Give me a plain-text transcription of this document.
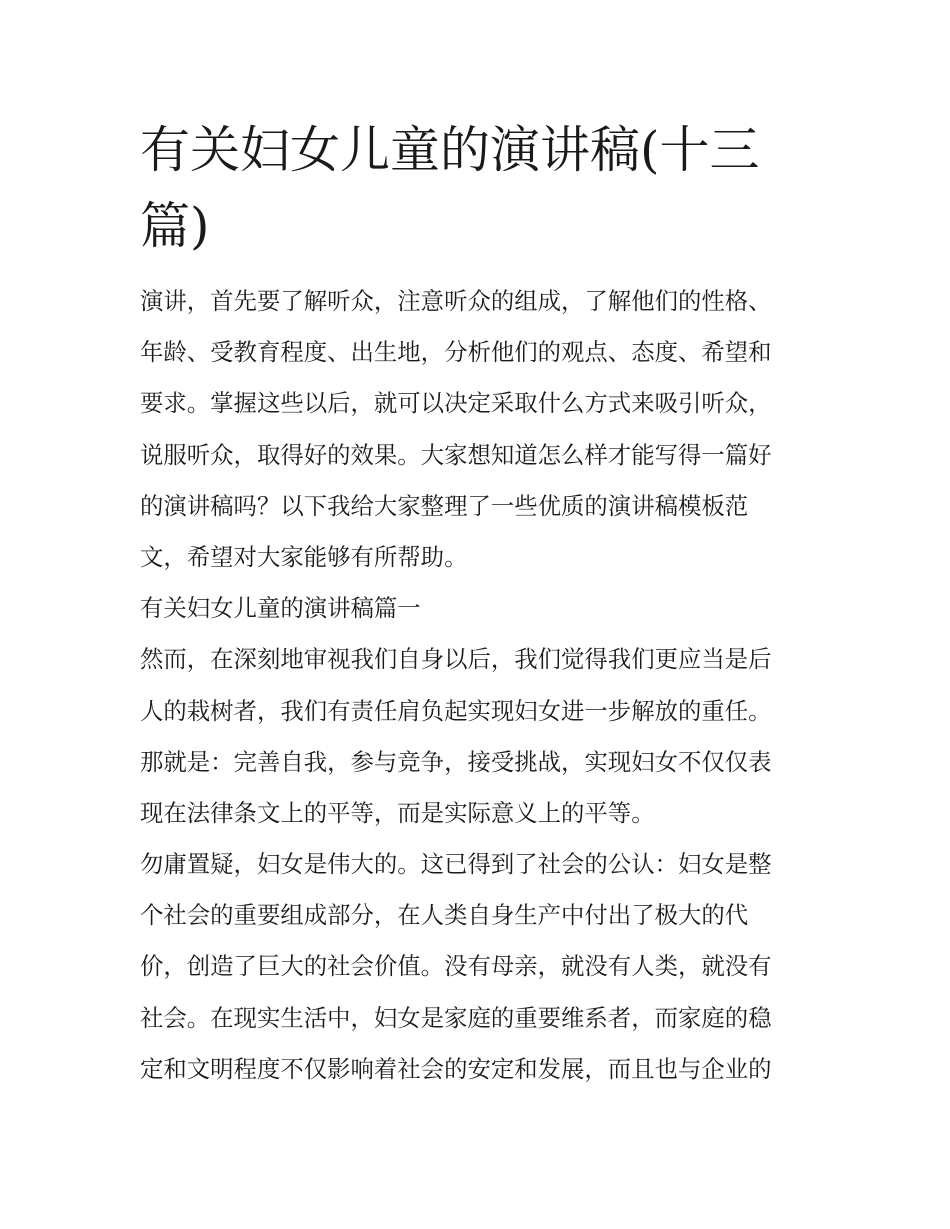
有关妇女儿童的演讲稿(十三
篇)

演讲，首先要了解听众，注意听众的组成，了解他们的性格、

年龄、受教育程度、出生地，分析他们的观点、态度、希望和

要求。掌握这些以后，就可以决定采取什么方式来吸引听众，

说服听众，取得好的效果。大家想知道怎么样才能写得一篇好

的演讲稿吗？以下我给大家整理了一些优质的演讲稿模板范

文，希望对大家能够有所帮助。

有关妇女儿童的演讲稿篇一

然而，在深刻地审视我们自身以后，我们觉得我们更应当是后

人的栽树者，我们有责任肩负起实现妇女进一步解放的重任。

那就是：完善自我，参与竞争，接受挑战，实现妇女不仅仅表

现在法律条文上的平等，而是实际意义上的平等。

勿庸置疑，妇女是伟大的。这已得到了社会的公认：妇女是整

个社会的重要组成部分，在人类自身生产中付出了极大的代

价，创造了巨大的社会价值。没有母亲，就没有人类，就没有

社会。在现实生活中，妇女是家庭的重要维系者，而家庭的稳

定和文明程度不仅影响着社会的安定和发展，而且也与企业的
